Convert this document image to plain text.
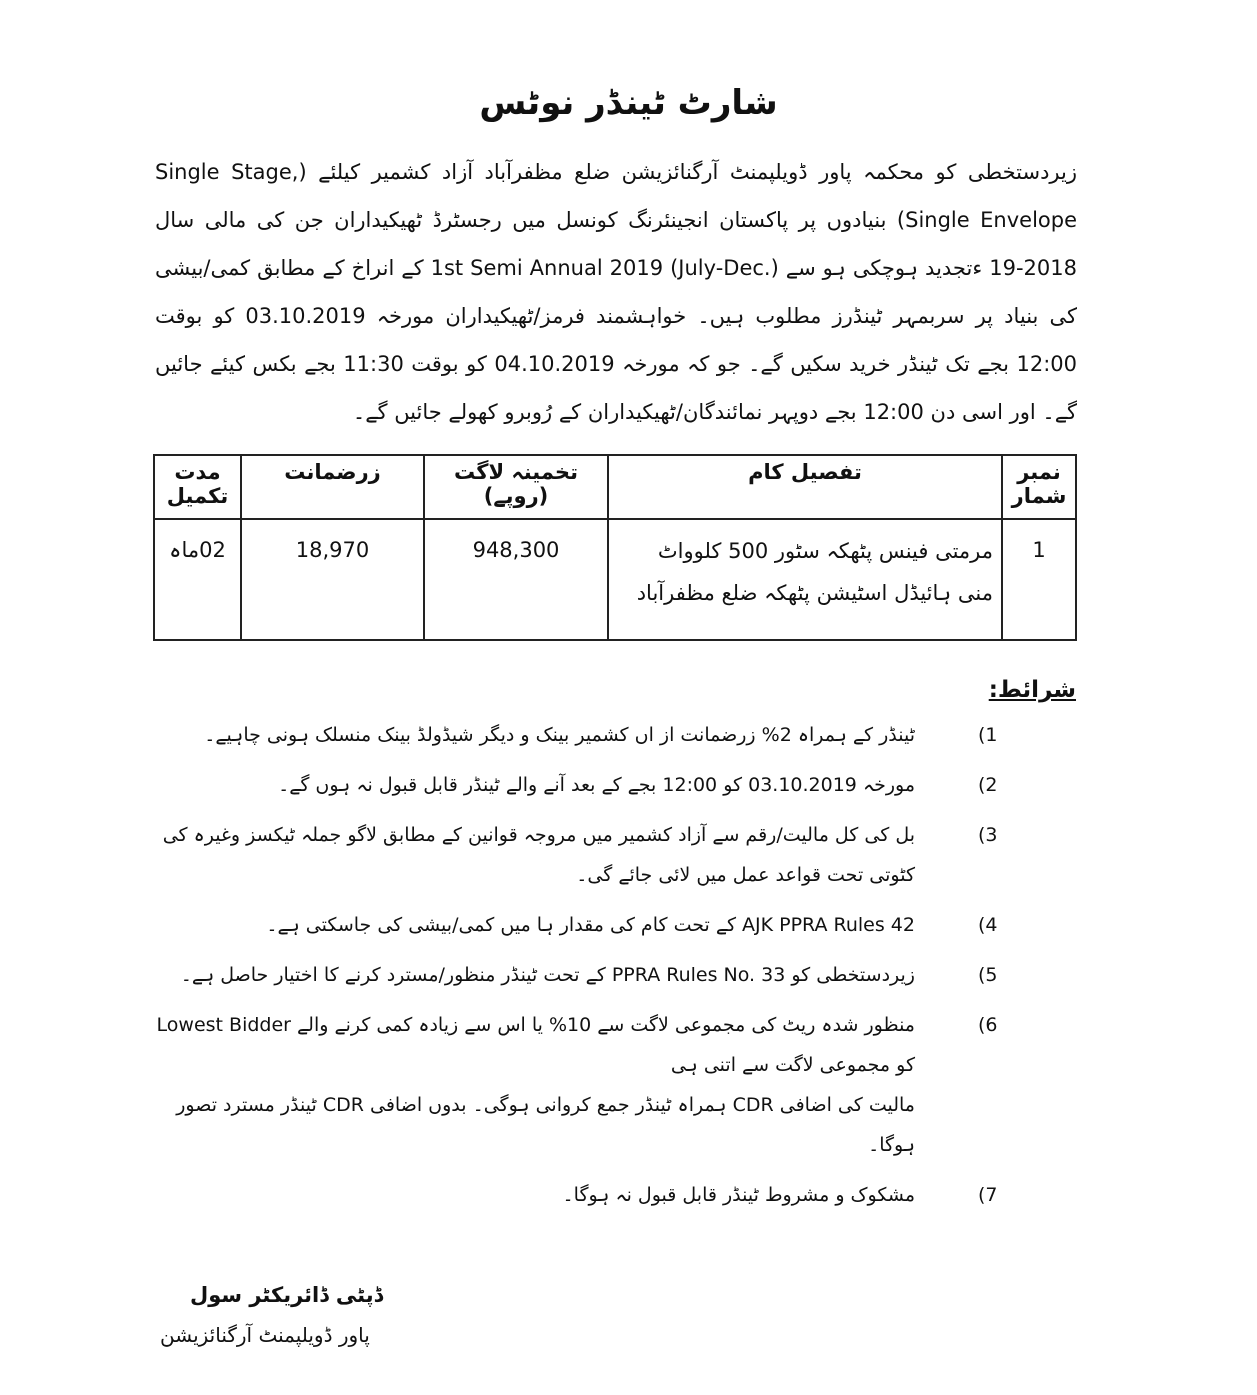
شارٹ ٹینڈر نوٹس
زیردستخطی کو محکمہ پاور ڈویلپمنٹ آرگنائزیشن ضلع مظفرآباد آزاد کشمیر کیلئے (Single Stage, Single Envelope) بنیادوں پر پاکستان انجینئرنگ کونسل میں رجسٹرڈ ٹھیکیداران جن کی مالی سال 2018-19 ءتجدید ہوچکی ہو سے 1st Semi Annual 2019 (July-Dec.) کے انراخ کے مطابق کمی/بیشی کی بنیاد پر سربمہر ٹینڈرز مطلوب ہیں۔ خواہشمند فرمز/ٹھیکیداران مورخہ 03.10.2019 کو بوقت 12:00 بجے تک ٹینڈر خرید سکیں گے۔ جو کہ مورخہ 04.10.2019 کو بوقت 11:30 بجے بکس کیئے جائیں گے۔ اور اسی دن 12:00 بجے دوپہر نمائندگان/ٹھیکیداران کے رُوبرو کھولے جائیں گے۔
نمبر شمار	تفصیل کام	تخمینہ لاگت (روپے)	زرضمانت	مدت تکمیل
1	مرمتی فینس پٹھکہ سٹور 500 کلوواٹ منی ہائیڈل اسٹیشن پٹھکہ ضلع مظفرآباد	948,300	18,970	02ماہ
شرائط:
(1
ٹینڈر کے ہمراہ 2% زرضمانت از اں کشمیر بینک و دیگر شیڈولڈ بینک منسلک ہونی چاہیے۔
(2
مورخہ 03.10.2019 کو 12:00 بجے کے بعد آنے والے ٹینڈر قابل قبول نہ ہوں گے۔
(3
بل کی کل مالیت/رقم سے آزاد کشمیر میں مروجہ قوانین کے مطابق لاگو جملہ ٹیکسز وغیرہ کی کٹوتی تحت قواعد عمل میں لائی جائے گی۔
(4
AJK PPRA Rules 42 کے تحت کام کی مقدار ہا میں کمی/بیشی کی جاسکتی ہے۔
(5
زیردستخطی کو PPRA Rules No. 33 کے تحت ٹینڈر منظور/مسترد کرنے کا اختیار حاصل ہے۔
(6
منظور شدہ ریٹ کی مجموعی لاگت سے 10% یا اس سے زیادہ کمی کرنے والے Lowest Bidder کو مجموعی لاگت سے اتنی ہی
مالیت کی اضافی CDR ہمراہ ٹینڈر جمع کروانی ہوگی۔ بدوں اضافی CDR ٹینڈر مسترد تصور ہوگا۔
(7
مشکوک و مشروط ٹینڈر قابل قبول نہ ہوگا۔
ڈپٹی ڈائریکٹر سول
پاور ڈویلپمنٹ آرگنائزیشن
